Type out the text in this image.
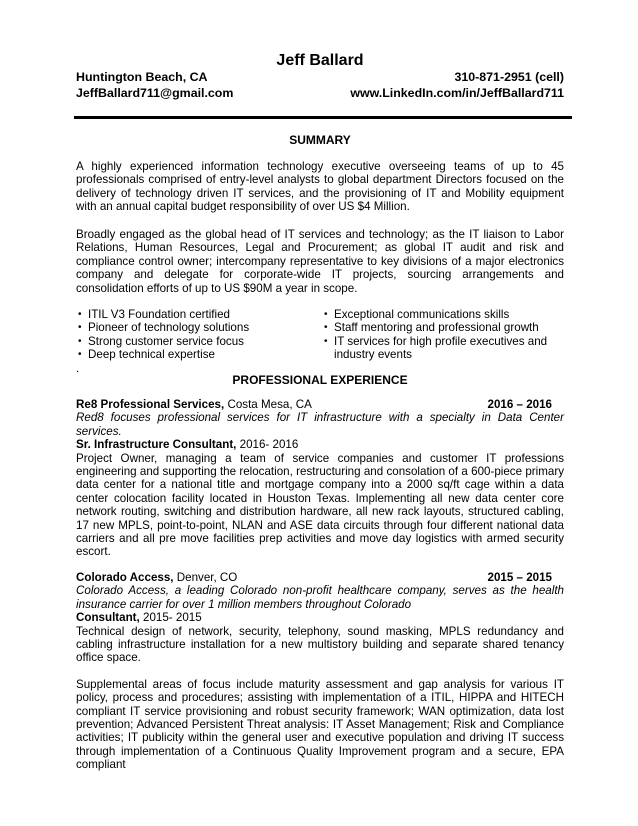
Jeff Ballard
Huntington Beach, CA	310-871-2951 (cell)
JeffBallard711@gmail.com	www.LinkedIn.com/in/JeffBallard711
SUMMARY

A highly experienced information technology executive overseeing teams of up to 45 professionals comprised of entry-level analysts to global department Directors focused on the delivery of technology driven IT services, and the provisioning of IT and Mobility equipment with an annual capital budget responsibility of over US $4 Million.

Broadly engaged as the global head of IT services and technology; as the IT liaison to Labor Relations, Human Resources, Legal and Procurement; as global IT audit and risk and compliance control owner; intercompany representative to key divisions of a major electronics company and delegate for corporate-wide IT projects, sourcing arrangements and consolidation efforts of up to US $90M a year in scope.

• ITIL V3 Foundation certified
• Pioneer of technology solutions
• Strong customer service focus
• Deep technical expertise
• Exceptional communications skills
• Staff mentoring and professional growth
• IT services for high profile executives and industry events
.
PROFESSIONAL EXPERIENCE
Re8 Professional Services, Costa Mesa, CA	2016 – 2016
Red8 focuses professional services for IT infrastructure with a specialty in Data Center services.
Sr. Infrastructure Consultant, 2016- 2016
Project Owner, managing a team of service companies and customer IT professions engineering and supporting the relocation, restructuring and consolation of a 600-piece primary data center for a national title and mortgage company into a 2000 sq/ft cage within a data center colocation facility located in Houston Texas. Implementing all new data center core network routing, switching and distribution hardware, all new rack layouts, structured cabling, 17 new MPLS, point-to-point, NLAN and ASE data circuits through four different national data carriers and all pre move facilities prep activities and move day logistics with armed security escort.
Colorado Access, Denver, CO	2015 – 2015
Colorado Access, a leading Colorado non-profit healthcare company, serves as the health insurance carrier for over 1 million members throughout Colorado
Consultant, 2015- 2015
Technical design of network, security, telephony, sound masking, MPLS redundancy and cabling infrastructure installation for a new multistory building and separate shared tenancy office space.
Supplemental areas of focus include maturity assessment and gap analysis for various IT policy, process and procedures; assisting with implementation of a ITIL, HIPPA and HITECH compliant IT service provisioning and robust security framework; WAN optimization, data lost prevention; Advanced Persistent Threat analysis: IT Asset Management; Risk and Compliance activities; IT publicity within the general user and executive population and driving IT success through implementation of a Continuous Quality Improvement program and a secure, EPA compliant
